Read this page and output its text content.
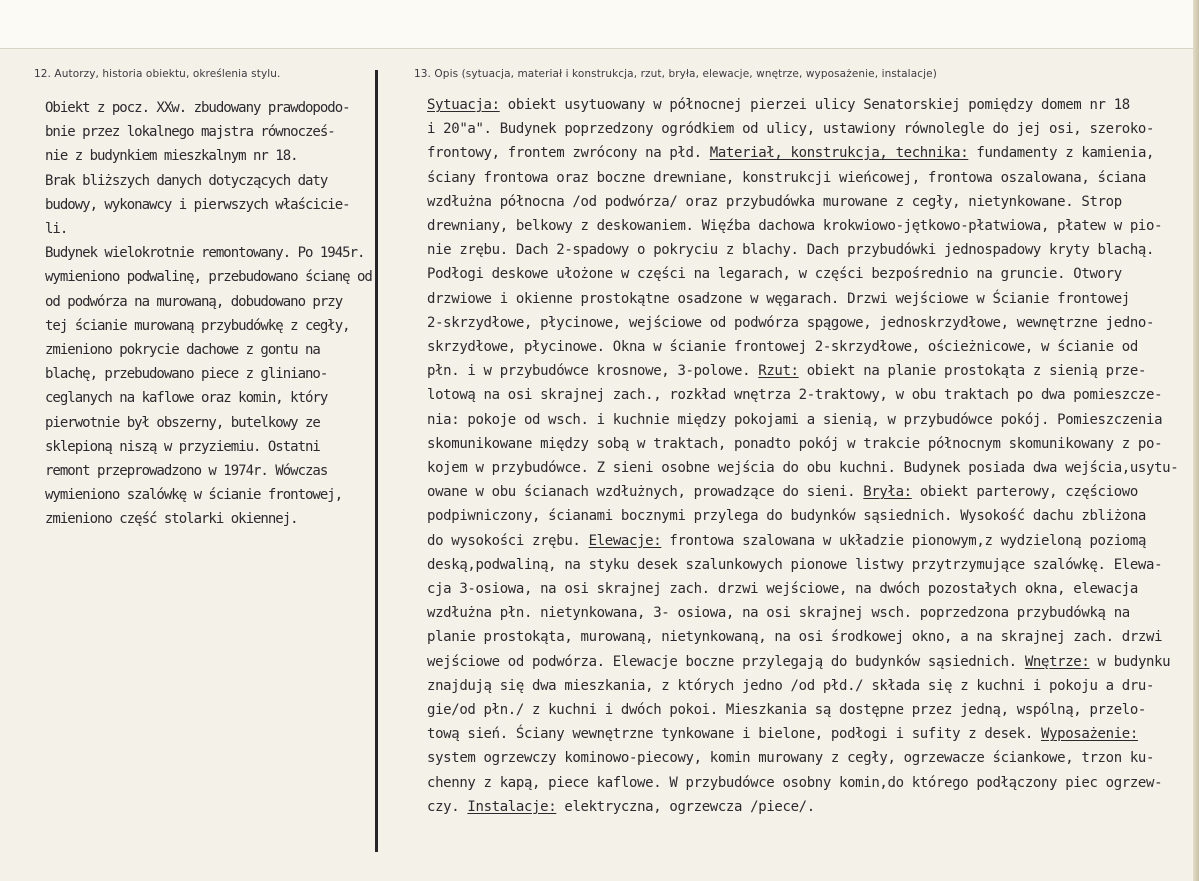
12. Autorzy, historia obiektu, określenia stylu.	13. Opis (sytuacja, materiał i konstrukcja, rzut, bryła, elewacje, wnętrze, wyposażenie, instalacje)
Obiekt z pocz. XXw. zbudowany prawdopodo-
bnie przez lokalnego majstra równocześ-
nie z budynkiem mieszkalnym nr 18.
Brak bliższych danych dotyczących daty
budowy, wykonawcy i pierwszych właścicie-
li.
Budynek wielokrotnie remontowany. Po 1945r.
wymieniono podwalinę, przebudowano ścianę od
od podwórza na murowaną, dobudowano przy
tej ścianie murowaną przybudówkę z cegły,
zmieniono pokrycie dachowe z gontu na
blachę, przebudowano piece z gliniano-
ceglanych na kaflowe oraz komin, który
pierwotnie był obszerny, butelkowy ze
sklepioną niszą w przyziemiu. Ostatni
remont przeprowadzono w 1974r. Wówczas
wymieniono szalówkę w ścianie frontowej,
zmieniono część stolarki okiennej.
Sytuacja: obiekt usytuowany w północnej pierzei ulicy Senatorskiej pomiędzy domem nr 18
i 20"a". Budynek poprzedzony ogródkiem od ulicy, ustawiony równolegle do jej osi, szeroko-
frontowy, frontem zwrócony na płd. Materiał, konstrukcja, technika: fundamenty z kamienia,
ściany frontowa oraz boczne drewniane, konstrukcji wieńcowej, frontowa oszalowana, ściana
wzdłużna północna /od podwórza/ oraz przybudówka murowane z cegły, nietynkowane. Strop
drewniany, belkowy z deskowaniem. Więźba dachowa krokwiowo-jętkowo-płatwiowa, płatew w pio-
nie zrębu. Dach 2-spadowy o pokryciu z blachy. Dach przybudówki jednospadowy kryty blachą.
Podłogi deskowe ułożone w części na legarach, w części bezpośrednio na gruncie. Otwory
drzwiowe i okienne prostokątne osadzone w węgarach. Drzwi wejściowe w Ścianie frontowej
2-skrzydłowe, płycinowe, wejściowe od podwórza spągowe, jednoskrzydłowe, wewnętrzne jedno-
skrzydłowe, płycinowe. Okna w ścianie frontowej 2-skrzydłowe, ościeżnicowe, w ścianie od
płn. i w przybudówce krosnowe, 3-polowe. Rzut: obiekt na planie prostokąta z sienią prze-
lotową na osi skrajnej zach., rozkład wnętrza 2-traktowy, w obu traktach po dwa pomieszcze-
nia: pokoje od wsch. i kuchnie między pokojami a sienią, w przybudówce pokój. Pomieszczenia
skomunikowane między sobą w traktach, ponadto pokój w trakcie północnym skomunikowany z po-
kojem w przybudówce. Z sieni osobne wejścia do obu kuchni. Budynek posiada dwa wejścia,usytu-
owane w obu ścianach wzdłużnych, prowadzące do sieni. Bryła: obiekt parterowy, częściowo
podpiwniczony, ścianami bocznymi przylega do budynków sąsiednich. Wysokość dachu zbliżona
do wysokości zrębu. Elewacje: frontowa szalowana w układzie pionowym,z wydzieloną poziomą
deską,podwaliną, na styku desek szalunkowych pionowe listwy przytrzymujące szalówkę. Elewa-
cja 3-osiowa, na osi skrajnej zach. drzwi wejściowe, na dwóch pozostałych okna, elewacja
wzdłużna płn. nietynkowana, 3- osiowa, na osi skrajnej wsch. poprzedzona przybudówką na
planie prostokąta, murowaną, nietynkowaną, na osi środkowej okno, a na skrajnej zach. drzwi
wejściowe od podwórza. Elewacje boczne przylegają do budynków sąsiednich. Wnętrze: w budynku
znajdują się dwa mieszkania, z których jedno /od płd./ składa się z kuchni i pokoju a dru-
gie/od płn./ z kuchni i dwóch pokoi. Mieszkania są dostępne przez jedną, wspólną, przelo-
tową sień. Ściany wewnętrzne tynkowane i bielone, podłogi i sufity z desek. Wyposażenie:
system ogrzewczy kominowo-piecowy, komin murowany z cegły, ogrzewacze ściankowe, trzon ku-
chenny z kapą, piece kaflowe. W przybudówce osobny komin,do którego podłączony piec ogrzew-
czy. Instalacje: elektryczna, ogrzewcza /piece/.
